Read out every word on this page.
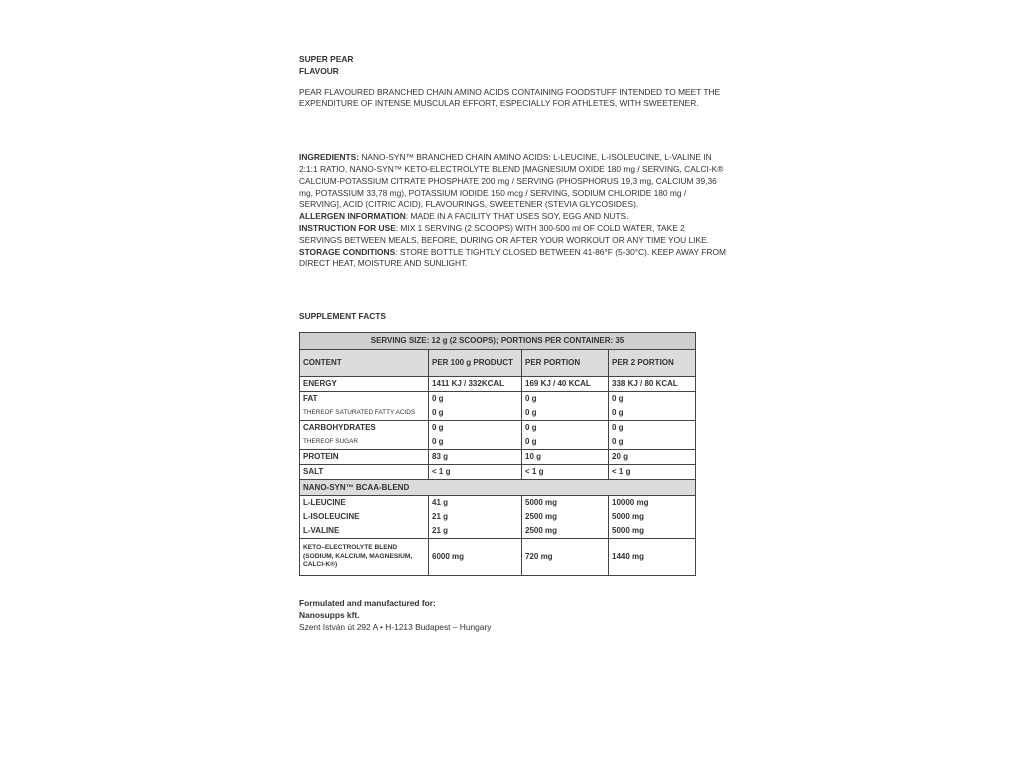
SUPER PEAR
FLAVOUR

PEAR FLAVOURED BRANCHED CHAIN AMINO ACIDS CONTAINING FOODSTUFF INTENDED TO MEET THE EXPENDITURE OF INTENSE MUSCULAR EFFORT, ESPECIALLY FOR ATHLETES, WITH SWEETENER.

INGREDIENTS: NANO-SYN™ BRANCHED CHAIN AMINO ACIDS: L-LEUCINE, L-ISOLEUCINE, L-VALINE IN 2:1:1 RATIO, NANO-SYN™ KETO-ELECTROLYTE BLEND [MAGNESIUM OXIDE 180 mg / SERVING, CALCI-K® CALCIUM-POTASSIUM CITRATE PHOSPHATE 200 mg / SERVING (PHOSPHORUS 19,3 mg, CALCIUM 39,36 mg, POTASSIUM 33,78 mg), POTASSIUM IODIDE 150 mcg / SERVING, SODIUM CHLORIDE 180 mg / SERVING], ACID (CITRIC ACID), FLAVOURINGS, SWEETENER (STEVIA GLYCOSIDES).

ALLERGEN INFORMATION: MADE IN A FACILITY THAT USES SOY, EGG AND NUTS.

INSTRUCTION FOR USE: MIX 1 SERVING (2 SCOOPS) WITH 300-500 ml OF COLD WATER, TAKE 2 SERVINGS BETWEEN MEALS, BEFORE, DURING OR AFTER YOUR WORKOUT OR ANY TIME YOU LIKE.

STORAGE CONDITIONS: STORE BOTTLE TIGHTLY CLOSED BETWEEN 41-86°F (5-30°C). KEEP AWAY FROM DIRECT HEAT, MOISTURE AND SUNLIGHT.

SUPPLEMENT FACTS
SERVING SIZE: 12 g (2 SCOOPS); PORTIONS PER CONTAINER: 35			
CONTENT	PER 100 g PRODUCT	PER PORTION	PER 2 PORTION
ENERGY	1411 KJ / 332KCAL	169 KJ / 40 KCAL	338 KJ / 80 KCAL
FAT	0 g	0 g	0 g
THEREOF SATURATED FATTY ACIDS	0 g	0 g	0 g
CARBOHYDRATES	0 g	0 g	0 g
THEREOF SUGAR	0 g	0 g	0 g
PROTEIN	83 g	10 g	20 g
SALT	< 1 g	< 1 g	< 1 g
NANO-SYN™ BCAA-BLEND			
L-LEUCINE	41 g	5000 mg	10000 mg
L-ISOLEUCINE	21 g	2500 mg	5000 mg
L-VALINE	21 g	2500 mg	5000 mg
KETO–ELECTROLYTE BLEND (SODIUM, KALCIUM, MAGNESIUM, CALCI-K®)	6000 mg	720 mg	1440 mg
Formulated and manufactured for:
Nanosupps kft.
Szent István út 292 A • H-1213 Budapest – Hungary
